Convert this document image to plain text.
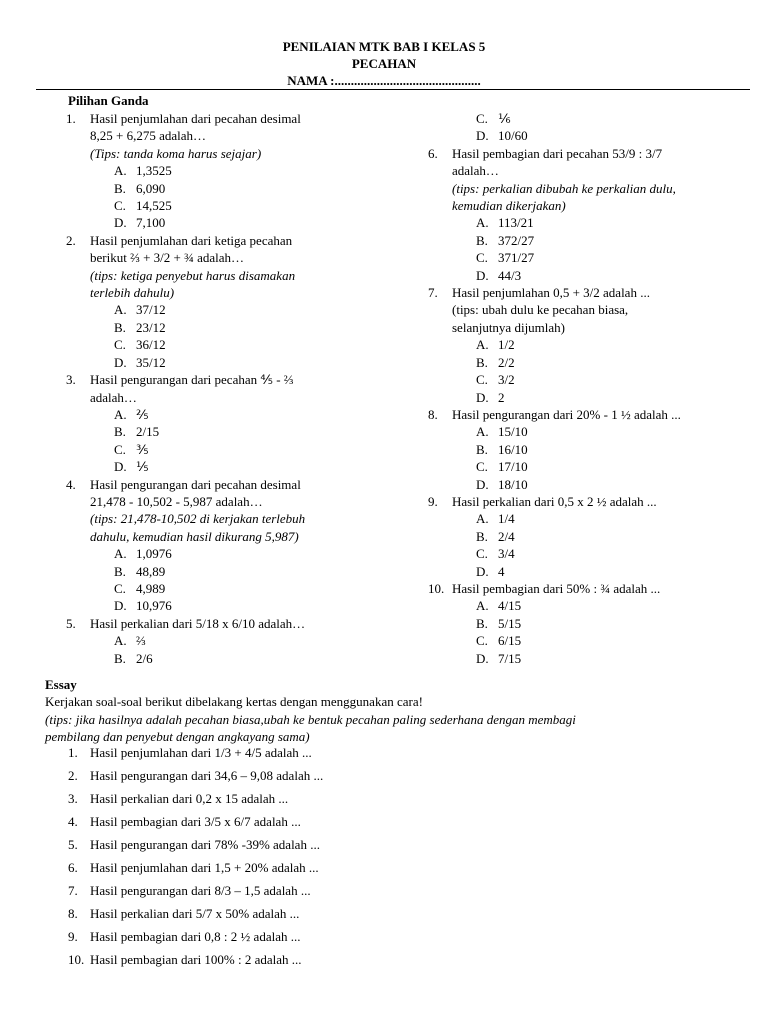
PENILAIAN MTK BAB I KELAS 5
PECAHAN
NAMA :.............................................
Pilihan Ganda
1. Hasil penjumlahan dari pecahan desimal
8,25 + 6,275 adalah…
(Tips: tanda koma harus sejajar)
A. 1,3525
B. 6,090
C. 14,525
D. 7,100
2. Hasil penjumlahan dari ketiga pecahan
berikut ⅔ + 3/2 + ¾ adalah…
(tips: ketiga penyebut harus disamakan
terlebih dahulu)
A. 37/12
B. 23/12
C. 36/12
D. 35/12
3. Hasil pengurangan dari pecahan ⅘ - ⅔
adalah…
A. ⅖
B. 2/15
C. ⅗
D. ⅕
4. Hasil pengurangan dari pecahan desimal
21,478 - 10,502 - 5,987 adalah…
(tips: 21,478-10,502 di kerjakan terlebuh
dahulu, kemudian hasil dikurang 5,987)
A. 1,0976
B. 48,89
C. 4,989
D. 10,976
5. Hasil perkalian dari 5/18 x 6/10 adalah…
A. ⅔
B. 2/6
C. ⅙
D. 10/60
6. Hasil pembagian dari pecahan 53/9 : 3/7
adalah…
(tips: perkalian dibubah ke perkalian dulu,
kemudian dikerjakan)
A. 113/21
B. 372/27
C. 371/27
D. 44/3
7. Hasil penjumlahan 0,5 + 3/2 adalah ...
(tips: ubah dulu ke pecahan biasa,
selanjutnya dijumlah)
A. 1/2
B. 2/2
C. 3/2
D. 2
8. Hasil pengurangan dari 20% - 1 ½ adalah ...
A. 15/10
B. 16/10
C. 17/10
D. 18/10
9. Hasil perkalian dari 0,5 x 2 ½ adalah ...
A. 1/4
B. 2/4
C. 3/4
D. 4
10. Hasil pembagian dari 50% : ¾ adalah ...
A. 4/15
B. 5/15
C. 6/15
D. 7/15
Essay
Kerjakan soal-soal berikut dibelakang kertas dengan menggunakan cara!
(tips: jika hasilnya adalah pecahan biasa,ubah ke bentuk pecahan paling sederhana dengan membagi
pembilang dan penyebut dengan angkayang sama)
1. Hasil penjumlahan dari 1/3 + 4/5 adalah ...
2. Hasil pengurangan dari 34,6 – 9,08 adalah ...
3. Hasil perkalian dari 0,2 x 15 adalah ...
4. Hasil pembagian dari 3/5 x 6/7 adalah ...
5. Hasil pengurangan dari 78% -39% adalah ...
6. Hasil penjumlahan dari 1,5 + 20% adalah ...
7. Hasil pengurangan dari 8/3 – 1,5 adalah ...
8. Hasil perkalian dari 5/7 x 50% adalah ...
9. Hasil pembagian dari 0,8 : 2 ½ adalah ...
10. Hasil pembagian dari 100% : 2 adalah ...
